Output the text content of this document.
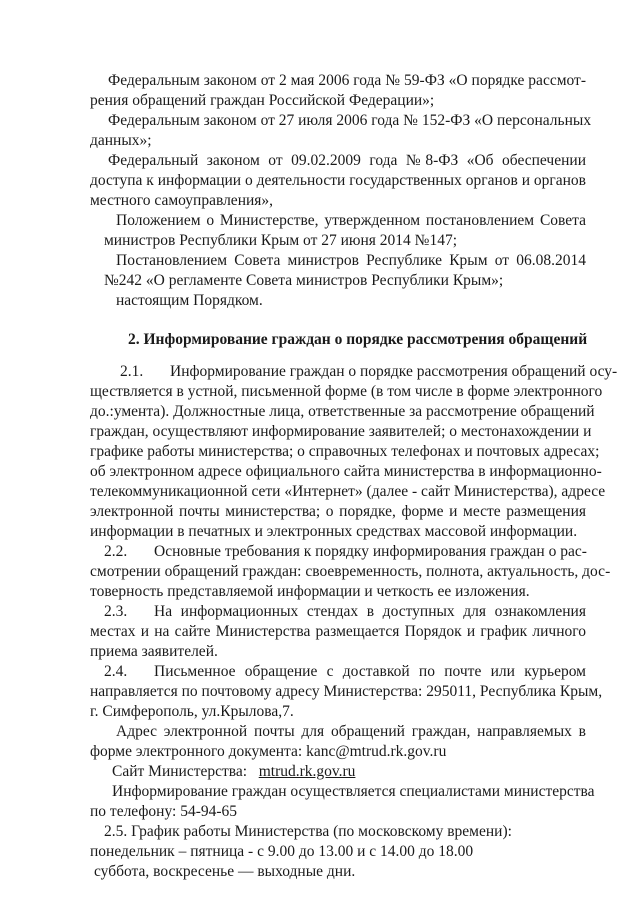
Федеральным законом от 2 мая 2006 года № 59-ФЗ «О порядке рассмот-
рения обращений граждан Российской Федерации»;
Федеральным законом от 27 июля 2006 года № 152-ФЗ «О персональных
данных»;
Федеральный законом от 09.02.2009 года №8-ФЗ «Об обеспечении
доступа к информации о деятельности государственных органов и органов
местного самоуправления»,
Положением о Министерстве, утвержденном постановлением Совета
министров Республики Крым от 27 июня 2014 №147;
Постановлением Совета министров Республике Крым от 06.08.2014
№242 «О регламенте Совета министров Республики Крым»;
настоящим Порядком.
2. Информирование граждан о порядке рассмотрения обращений
2.1. Информирование граждан о порядке рассмотрения обращений осу-
ществляется в устной, письменной форме (в том числе в форме электронного
до.:умента). Должностные лица, ответственные за рассмотрение обращений
граждан, осуществляют информирование заявителей; о местонахождении и
графике работы министерства; о справочных телефонах и почтовых адресах;
об электронном адресе официального сайта министерства в информационно-
телекоммуникационной сети «Интернет» (далее - сайт Министерства), адресе
электронной почты министерства; о порядке, форме и месте размещения
информации в печатных и электронных средствах массовой информации.
2.2. Основные требования к порядку информирования граждан о рас-
смотрении обращений граждан: своевременность, полнота, актуальность, дос-
товерность представляемой информации и четкость ее изложения.
2.3. На информационных стендах в доступных для ознакомления
местах и на сайте Министерства размещается Порядок и график личного
приема заявителей.
2.4. Письменное обращение с доставкой по почте или курьером
направляется по почтовому адресу Министерства: 295011, Республика Крым,
г. Симферополь, ул.Крылова,7.
Адрес электронной почты для обращений граждан, направляемых в
форме электронного документа: kanc@mtrud.rk.gov.ru
Сайт Министерства: mtrud.rk.gov.ru
Информирование граждан осуществляется специалистами министерства
по телефону: 54-94-65
2.5. График работы Министерства (по московскому времени):
понедельник – пятница - с 9.00 до 13.00 и с 14.00 до 18.00
суббота, воскресенье — выходные дни.
